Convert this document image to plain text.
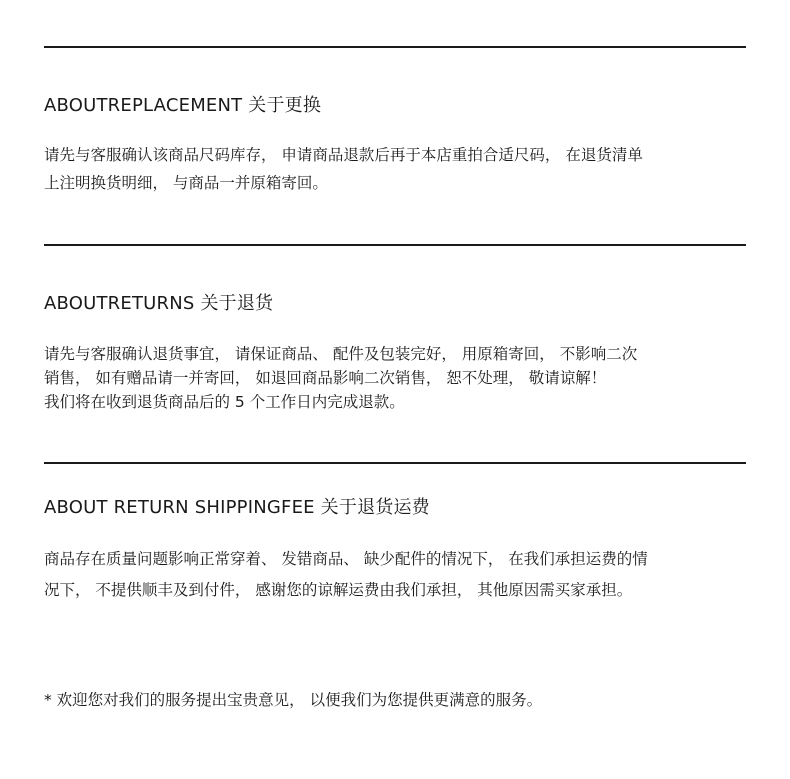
ABOUTREPLACEMENT 关于更换

请先与客服确认该商品尺码库存， 申请商品退款后再于本店重拍合适尺码， 在退货清单
上注明换货明细， 与商品一并原箱寄回。

ABOUTRETURNS 关于退货

请先与客服确认退货事宜， 请保证商品、 配件及包装完好， 用原箱寄回， 不影响二次
销售， 如有赠品请一并寄回， 如退回商品影响二次销售， 恕不处理， 敬请谅解！
我们将在收到退货商品后的 5 个工作日内完成退款。

ABOUT RETURN SHIPPINGFEE 关于退货运费

商品存在质量问题影响正常穿着、 发错商品、 缺少配件的情况下， 在我们承担运费的情
况下， 不提供顺丰及到付件， 感谢您的谅解运费由我们承担， 其他原因需买家承担。

* 欢迎您对我们的服务提出宝贵意见， 以便我们为您提供更满意的服务。
